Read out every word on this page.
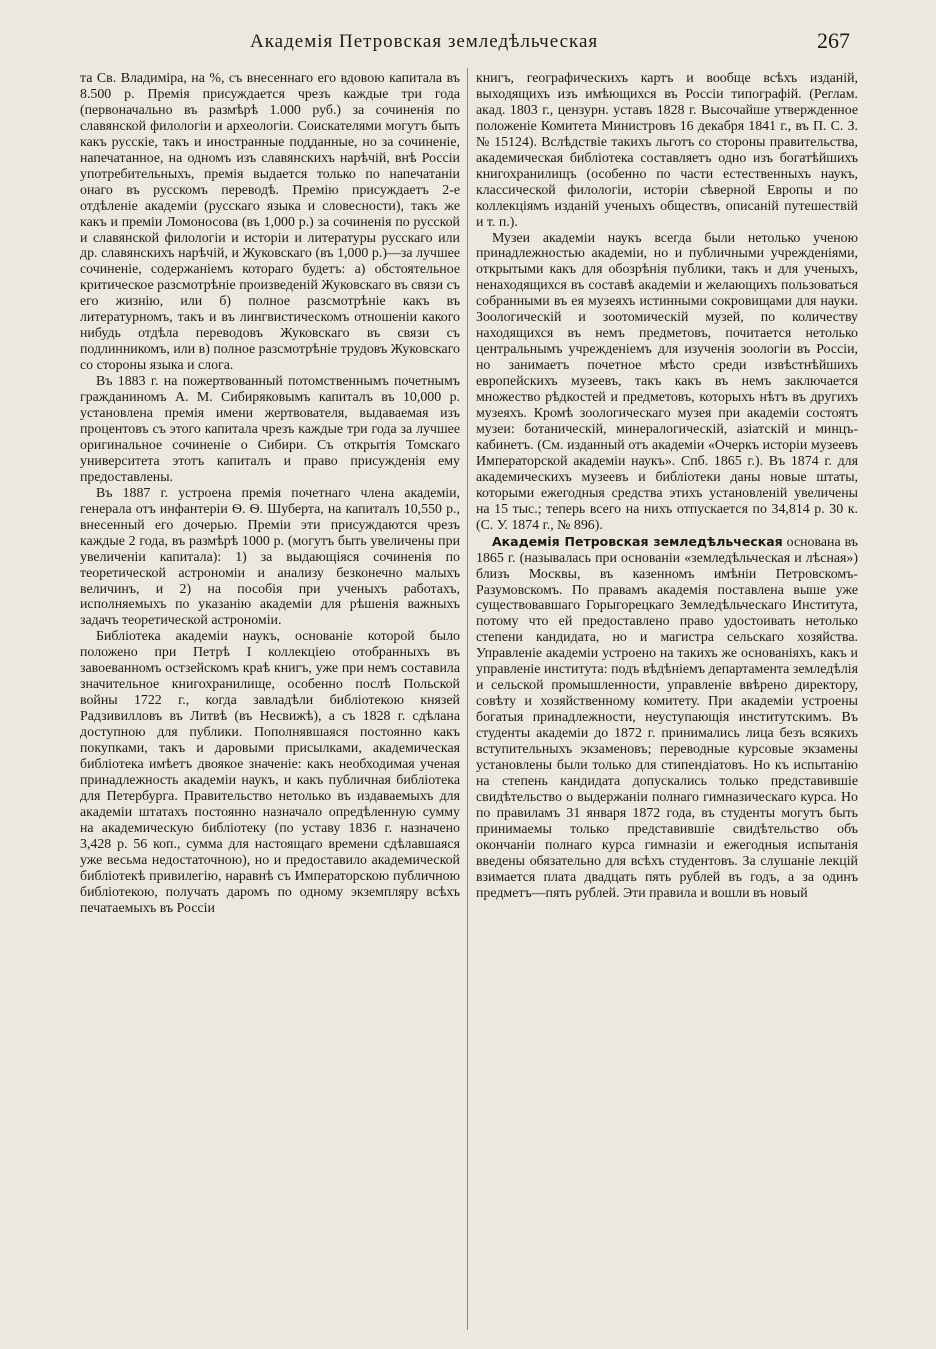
Академія Петровская земледѣльческая	267

та Св. Владиміра, на %, съ внесеннаго его вдовою капитала въ 8.500 р. Премія присуждается чрезъ каждые три года (первоначально въ размѣрѣ 1.000 руб.) за сочиненія по славянской филологіи и археологіи. Соискателями могутъ быть какъ русскіе, такъ и иностранные подданные, но за сочиненіе, напечатанное, на одномъ изъ славянскихъ нарѣчій, внѣ Россіи употребительныхъ, премія выдается только по напечатаніи онаго въ русскомъ переводѣ. Премію присуждаетъ 2-е отдѣленіе академіи (русскаго языка и словесности), такъ же какъ и преміи Ломоносова (въ 1,000 р.) за сочиненія по русской и славянской филологіи и исторіи и литературы русскаго или др. славянскихъ нарѣчій, и Жуковскаго (въ 1,000 р.)—за лучшее сочиненіе, содержаніемъ котораго будетъ: а) обстоятельное критическое разсмотрѣніе произведеній Жуковскаго въ связи съ его жизнію, или б) полное разсмотрѣніе какъ въ литературномъ, такъ и въ лингвистическомъ отношеніи какого нибудь отдѣла переводовъ Жуковскаго въ связи съ подлинникомъ, или в) полное разсмотрѣніе трудовъ Жуковскаго со стороны языка и слога.

Въ 1883 г. на пожертвованный потомственнымъ почетнымъ гражданиномъ А. М. Сибиряковымъ капиталъ въ 10,000 р. установлена премія имени жертвователя, выдаваемая изъ процентовъ съ этого капитала чрезъ каждые три года за лучшее оригинальное сочиненіе о Сибири. Съ открытія Томскаго университета этотъ капиталъ и право присужденія ему предоставлены.

Въ 1887 г. устроена премія почетнаго члена академіи, генерала отъ инфантеріи Ѳ. Ѳ. Шуберта, на капиталъ 10,550 р., внесенный его дочерью. Преміи эти присуждаются чрезъ каждые 2 года, въ размѣрѣ 1000 р. (могутъ быть увеличены при увеличеніи капитала): 1) за выдающіяся сочиненія по теоретической астрономіи и анализу безконечно малыхъ величинъ, и 2) на пособія при ученыхъ работахъ, исполняемыхъ по указанію академіи для рѣшенія важныхъ задачъ теоретической астрономіи.

Библіотека академіи наукъ, основаніе которой было положено при Петрѣ I коллекціею отобранныхъ въ завоеванномъ остзейскомъ краѣ книгъ, уже при немъ составила значительное книгохранилище, особенно послѣ Польской войны 1722 г., когда завладѣли библіотекою князей Радзивилловъ въ Литвѣ (въ Несвижѣ), а съ 1828 г. сдѣлана доступною для публики. Пополнявшаяся постоянно какъ покупками, такъ и даровыми присылками, академическая библіотека имѣетъ двоякое значеніе: какъ необходимая ученая принадлежность академіи наукъ, и какъ публичная библіотека для Петербурга. Правительство нетолько въ издаваемыхъ для академіи штатахъ постоянно назначало опредѣленную сумму на академическую библіотеку (по уставу 1836 г. назначено 3,428 р. 56 коп., сумма для настоящаго времени сдѣлавшаяся уже весьма недостаточною), но и предоставило академической библіотекѣ привилегію, наравнѣ съ Императорскою публичною библіотекою, получать даромъ по одному экземпляру всѣхъ печатаемыхъ въ Россіи

книгъ, географическихъ картъ и вообще всѣхъ изданій, выходящихъ изъ имѣющихся въ Россіи типографій. (Реглам. акад. 1803 г., цензурн. уставъ 1828 г. Высочайше утвержденное положеніе Комитета Министровъ 16 декабря 1841 г., въ П. С. З. № 15124). Вслѣдствіе такихъ льготъ со стороны правительства, академическая библіотека составляетъ одно изъ богатѣйшихъ книгохранилищъ (особенно по части естественныхъ наукъ, классической филологіи, исторіи сѣверной Европы и по коллекціямъ изданій ученыхъ обществъ, описаній путешествій и т. п.).

Музеи академіи наукъ всегда были нетолько ученою принадлежностью академіи, но и публичными учрежденіями, открытыми какъ для обозрѣнія публики, такъ и для ученыхъ, ненаходящихся въ составѣ академіи и желающихъ пользоваться собранными въ ея музеяхъ истинными сокровищами для науки. Зоологическій и зоотомическій музей, по количеству находящихся въ немъ предметовъ, почитается нетолько центральнымъ учрежденіемъ для изученія зоологіи въ Россіи, но занимаетъ почетное мѣсто среди извѣстнѣйшихъ европейскихъ музеевъ, такъ какъ въ немъ заключается множество рѣдкостей и предметовъ, которыхъ нѣтъ въ другихъ музеяхъ. Кромѣ зоологическаго музея при академіи состоятъ музеи: ботаническій, минералогическій, азіатскій и минцъ-кабинетъ. (См. изданный отъ академіи «Очеркъ исторіи музеевъ Императорской академіи наукъ». Спб. 1865 г.). Въ 1874 г. для академическихъ музеевъ и библіотеки даны новые штаты, которыми ежегодныя средства этихъ установленій увеличены на 15 тыс.; теперь всего на нихъ отпускается по 34,814 р. 30 к. (С. У. 1874 г., № 896).

Академія Петровская земледѣльческая основана въ 1865 г. (называлась при основаніи «земледѣльческая и лѣсная») близъ Москвы, въ казенномъ имѣніи Петровскомъ-Разумовскомъ. По правамъ академія поставлена выше уже существовавшаго Горыгорецкаго Земледѣльческаго Института, потому что ей предоставлено право удостоивать нетолько степени кандидата, но и магистра сельскаго хозяйства. Управленіе академіи устроено на такихъ же основаніяхъ, какъ и управленіе института: подъ вѣдѣніемъ департамента земледѣлія и сельской промышленности, управленіе ввѣрено директору, совѣту и хозяйственному комитету. При академіи устроены богатыя принадлежности, неуступающія институтскимъ. Въ студенты академіи до 1872 г. принимались лица безъ всякихъ вступительныхъ экзаменовъ; переводные курсовые экзамены установлены были только для стипендіатовъ. Но къ испытанію на степень кандидата допускались только представившіе свидѣтельство о выдержаніи полнаго гимназическаго курса. Но по правиламъ 31 января 1872 года, въ студенты могутъ быть принимаемы только представившіе свидѣтельство объ окончаніи полнаго курса гимназіи и ежегодныя испытанія введены обязательно для всѣхъ студентовъ. За слушаніе лекцій взимается плата двадцать пять рублей въ годъ, а за одинъ предметъ—пять рублей. Эти правила и вошли въ новый
